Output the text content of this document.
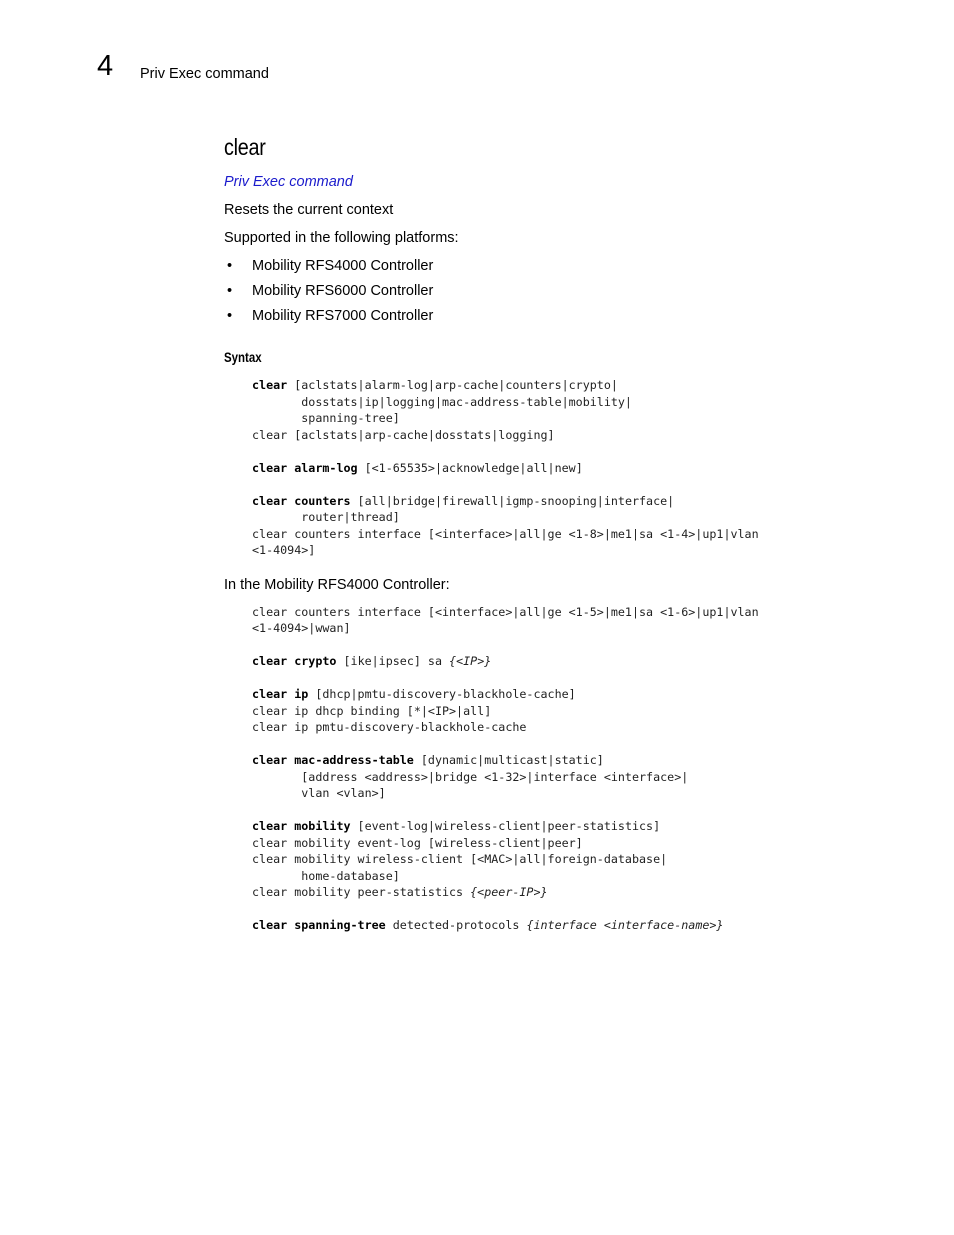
4 Priv Exec command
clear
Priv Exec command
Resets the current context
Supported in the following platforms:
• Mobility RFS4000 Controller
• Mobility RFS6000 Controller
• Mobility RFS7000 Controller
Syntax
clear [aclstats|alarm-log|arp-cache|counters|crypto|
dosstats|ip|logging|mac-address-table|mobility|
spanning-tree]
clear [aclstats|arp-cache|dosstats|logging]
clear alarm-log [<1-65535>|acknowledge|all|new]
clear counters [all|bridge|firewall|igmp-snooping|interface|
router|thread]
clear counters interface [<interface>|all|ge <1-8>|me1|sa <1-4>|up1|vlan
<1-4094>]
In the Mobility RFS4000 Controller:
clear counters interface [<interface>|all|ge <1-5>|me1|sa <1-6>|up1|vlan
<1-4094>|wwan]
clear crypto [ike|ipsec] sa {<IP>}
clear ip [dhcp|pmtu-discovery-blackhole-cache]
clear ip dhcp binding [*|<IP>|all]
clear ip pmtu-discovery-blackhole-cache
clear mac-address-table [dynamic|multicast|static]
[address <address>|bridge <1-32>|interface <interface>|
vlan <vlan>]
clear mobility [event-log|wireless-client|peer-statistics]
clear mobility event-log [wireless-client|peer]
clear mobility wireless-client [<MAC>|all|foreign-database|
home-database]
clear mobility peer-statistics {<peer-IP>}
clear spanning-tree detected-protocols {interface <interface-name>}
